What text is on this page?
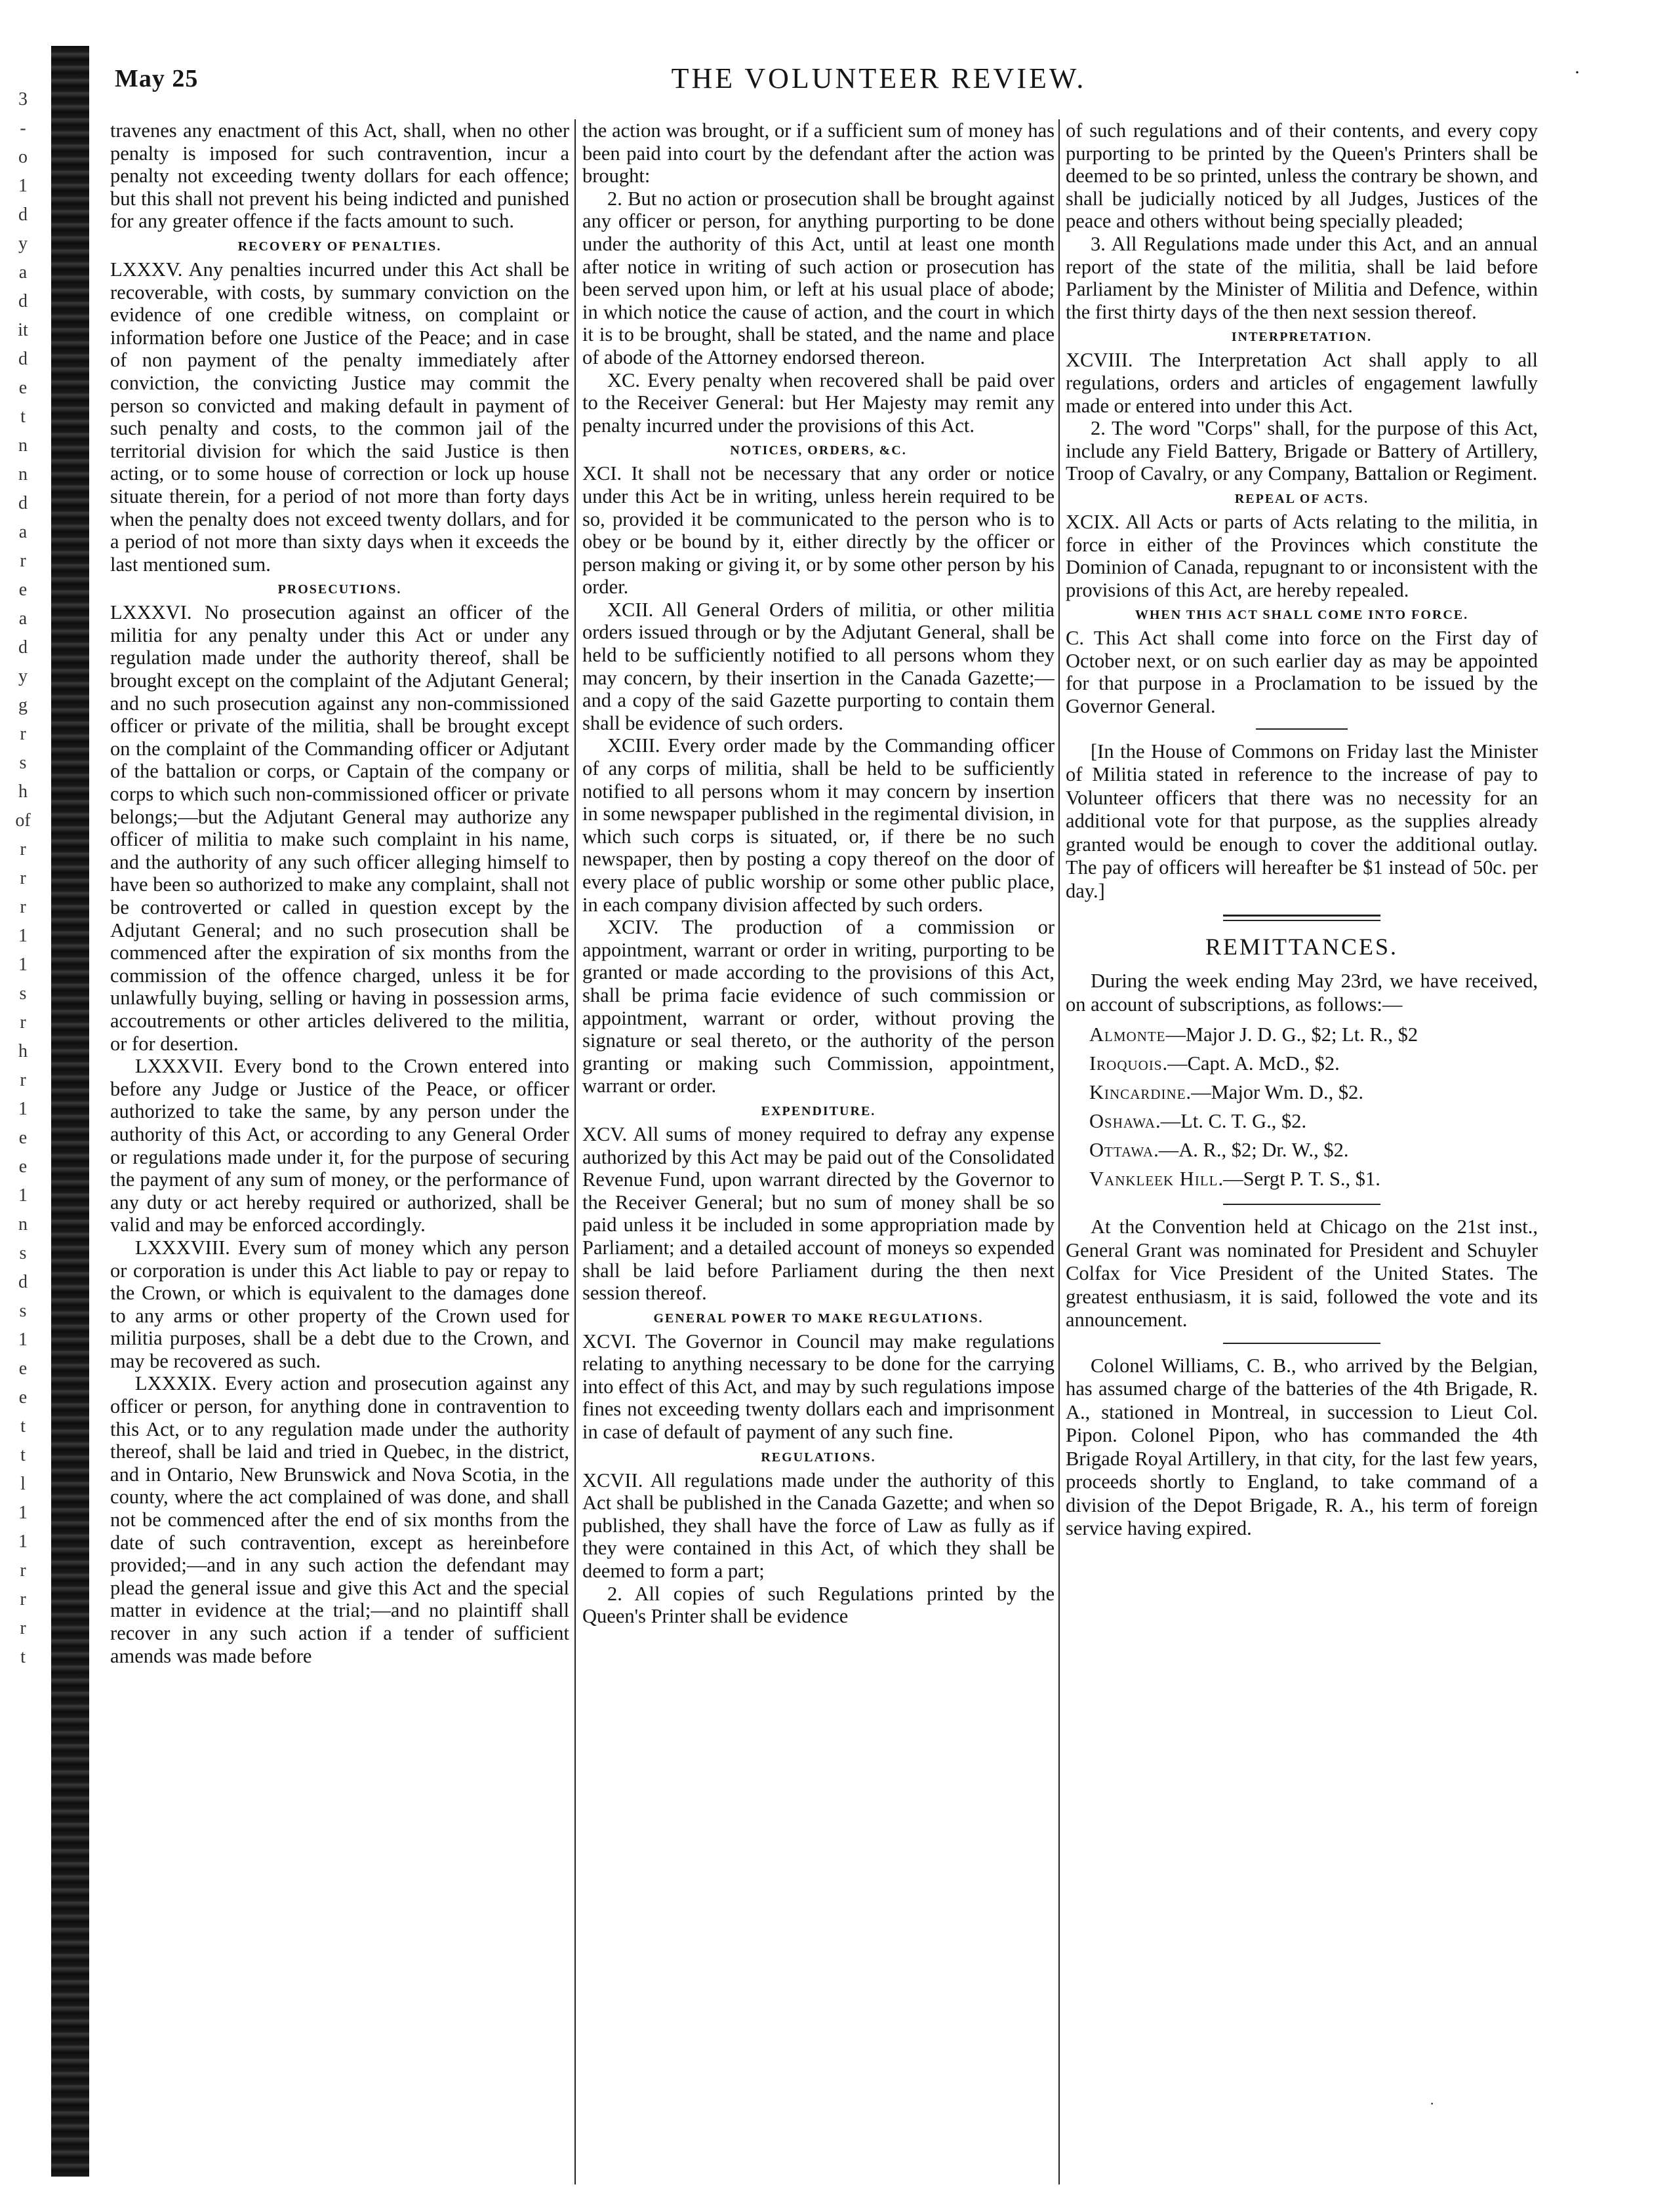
3
-
o
1
d
y
a
d
it
d
e
t
n
n
d
a
r
e
a
d
y
g
r
s
h
of
r
r
r
1
1
s
r
h
r
1
e
e
1
n
s
d
s
1
e
e
t
t
l
1
1
r
r
r
t
May 25	THE VOLUNTEER REVIEW.	·

travenes any enactment of this Act, shall, when no other penalty is imposed for such contravention, incur a penalty not exceeding twenty dollars for each offence; but this shall not prevent his being indicted and punished for any greater offence if the facts amount to such.

RECOVERY OF PENALTIES.

LXXXV. Any penalties incurred under this Act shall be recoverable, with costs, by summary conviction on the evidence of one credible witness, on complaint or information before one Justice of the Peace; and in case of non payment of the penalty immediately after conviction, the convicting Justice may commit the person so convicted and making default in payment of such penalty and costs, to the common jail of the territorial division for which the said Justice is then acting, or to some house of correction or lock up house situate therein, for a period of not more than forty days when the penalty does not exceed twenty dollars, and for a period of not more than sixty days when it exceeds the last mentioned sum.

PROSECUTIONS.

LXXXVI. No prosecution against an officer of the militia for any penalty under this Act or under any regulation made under the authority thereof, shall be brought except on the complaint of the Adjutant General; and no such prosecution against any non-commissioned officer or private of the militia, shall be brought except on the complaint of the Commanding officer or Adjutant of the battalion or corps, or Captain of the company or corps to which such non-commissioned officer or private belongs;—but the Adjutant General may authorize any officer of militia to make such complaint in his name, and the authority of any such officer alleging himself to have been so authorized to make any complaint, shall not be controverted or called in question except by the Adjutant General; and no such prosecution shall be commenced after the expiration of six months from the commission of the offence charged, unless it be for unlawfully buying, selling or having in possession arms, accoutrements or other articles delivered to the militia, or for desertion.

LXXXVII. Every bond to the Crown entered into before any Judge or Justice of the Peace, or officer authorized to take the same, by any person under the authority of this Act, or according to any General Order or regulations made under it, for the purpose of securing the payment of any sum of money, or the performance of any duty or act hereby required or authorized, shall be valid and may be enforced accordingly.

LXXXVIII. Every sum of money which any person or corporation is under this Act liable to pay or repay to the Crown, or which is equivalent to the damages done to any arms or other property of the Crown used for militia purposes, shall be a debt due to the Crown, and may be recovered as such.

LXXXIX. Every action and prosecution against any officer or person, for anything done in contravention to this Act, or to any regulation made under the authority thereof, shall be laid and tried in Quebec, in the district, and in Ontario, New Brunswick and Nova Scotia, in the county, where the act complained of was done, and shall not be commenced after the end of six months from the date of such contravention, except as hereinbefore provided;—and in any such action the defendant may plead the general issue and give this Act and the special matter in evidence at the trial;—and no plaintiff shall recover in any such action if a tender of sufficient amends was made before

the action was brought, or if a sufficient sum of money has been paid into court by the defendant after the action was brought:

2. But no action or prosecution shall be brought against any officer or person, for anything purporting to be done under the authority of this Act, until at least one month after notice in writing of such action or prosecution has been served upon him, or left at his usual place of abode; in which notice the cause of action, and the court in which it is to be brought, shall be stated, and the name and place of abode of the Attorney endorsed thereon.

XC. Every penalty when recovered shall be paid over to the Receiver General: but Her Majesty may remit any penalty incurred under the provisions of this Act.

NOTICES, ORDERS, &C.

XCI. It shall not be necessary that any order or notice under this Act be in writing, unless herein required to be so, provided it be communicated to the person who is to obey or be bound by it, either directly by the officer or person making or giving it, or by some other person by his order.

XCII. All General Orders of militia, or other militia orders issued through or by the Adjutant General, shall be held to be sufficiently notified to all persons whom they may concern, by their insertion in the Canada Gazette;—and a copy of the said Gazette purporting to contain them shall be evidence of such orders.

XCIII. Every order made by the Commanding officer of any corps of militia, shall be held to be sufficiently notified to all persons whom it may concern by insertion in some newspaper published in the regimental division, in which such corps is situated, or, if there be no such newspaper, then by posting a copy thereof on the door of every place of public worship or some other public place, in each company division affected by such orders.

XCIV. The production of a commission or appointment, warrant or order in writing, purporting to be granted or made according to the provisions of this Act, shall be prima facie evidence of such commission or appointment, warrant or order, without proving the signature or seal thereto, or the authority of the person granting or making such Commission, appointment, warrant or order.

EXPENDITURE.

XCV. All sums of money required to defray any expense authorized by this Act may be paid out of the Consolidated Revenue Fund, upon warrant directed by the Governor to the Receiver General; but no sum of money shall be so paid unless it be included in some appropriation made by Parliament; and a detailed account of moneys so expended shall be laid before Parliament during the then next session thereof.

GENERAL POWER TO MAKE REGULATIONS.

XCVI. The Governor in Council may make regulations relating to anything necessary to be done for the carrying into effect of this Act, and may by such regulations impose fines not exceeding twenty dollars each and imprisonment in case of default of payment of any such fine.

REGULATIONS.

XCVII. All regulations made under the authority of this Act shall be published in the Canada Gazette; and when so published, they shall have the force of Law as fully as if they were contained in this Act, of which they shall be deemed to form a part;

2. All copies of such Regulations printed by the Queen's Printer shall be evidence

of such regulations and of their contents, and every copy purporting to be printed by the Queen's Printers shall be deemed to be so printed, unless the contrary be shown, and shall be judicially noticed by all Judges, Justices of the peace and others without being specially pleaded;

3. All Regulations made under this Act, and an annual report of the state of the militia, shall be laid before Parliament by the Minister of Militia and Defence, within the first thirty days of the then next session thereof.

INTERPRETATION.

XCVIII. The Interpretation Act shall apply to all regulations, orders and articles of engagement lawfully made or entered into under this Act.

2. The word "Corps" shall, for the purpose of this Act, include any Field Battery, Brigade or Battery of Artillery, Troop of Cavalry, or any Company, Battalion or Regiment.

REPEAL OF ACTS.

XCIX. All Acts or parts of Acts relating to the militia, in force in either of the Provinces which constitute the Dominion of Canada, repugnant to or inconsistent with the provisions of this Act, are hereby repealed.

WHEN THIS ACT SHALL COME INTO FORCE.

C. This Act shall come into force on the First day of October next, or on such earlier day as may be appointed for that purpose in a Proclamation to be issued by the Governor General.

[In the House of Commons on Friday last the Minister of Militia stated in reference to the increase of pay to Volunteer officers that there was no necessity for an additional vote for that purpose, as the supplies already granted would be enough to cover the additional outlay. The pay of officers will hereafter be $1 instead of 50c. per day.]

REMITTANCES.

During the week ending May 23rd, we have received, on account of subscriptions, as follows:—

Almonte—Major J. D. G., $2; Lt. R., $2
Iroquois.—Capt. A. McD., $2.
Kincardine.—Major Wm. D., $2.
Oshawa.—Lt. C. T. G., $2.
Ottawa.—A. R., $2; Dr. W., $2.
Vankleek Hill.—Sergt P. T. S., $1.

At the Convention held at Chicago on the 21st inst., General Grant was nominated for President and Schuyler Colfax for Vice President of the United States. The greatest enthusiasm, it is said, followed the vote and its announcement.

Colonel Williams, C. B., who arrived by the Belgian, has assumed charge of the batteries of the 4th Brigade, R. A., stationed in Montreal, in succession to Lieut Col. Pipon. Colonel Pipon, who has commanded the 4th Brigade Royal Artillery, in that city, for the last few years, proceeds shortly to England, to take command of a division of the Depot Brigade, R. A., his term of foreign service having expired.

·
